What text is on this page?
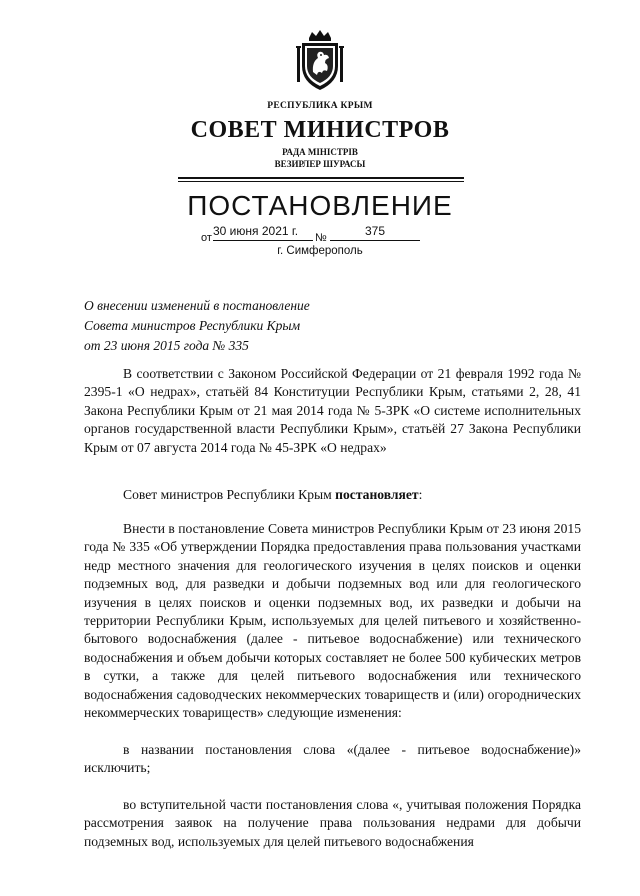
РЕСПУБЛИКА КРЫМ
СОВЕТ МИНИСТРОВ
РАДА МІНІСТРІВ
ВЕЗИРЛЕР ШУРАСЫ
ПОСТАНОВЛЕНИЕ
от 30 июня 2021 г.	№	375
г. Симферополь
О внесении изменений в постановление
Совета министров Республики Крым
от 23 июня 2015 года № 335
В соответствии с Законом Российской Федерации от 21 февраля 1992 года № 2395-1 «О недрах», статьёй 84 Конституции Республики Крым, статьями 2, 28, 41 Закона Республики Крым от 21 мая 2014 года № 5-ЗРК «О системе исполнительных органов государственной власти Республики Крым», статьёй 27 Закона Республики Крым от 07 августа 2014 года № 45-ЗРК «О недрах»
Совет министров Республики Крым постановляет:
Внести в постановление Совета министров Республики Крым от 23 июня 2015 года № 335 «Об утверждении Порядка предоставления права пользования участками недр местного значения для геологического изучения в целях поисков и оценки подземных вод, для разведки и добычи подземных вод или для геологического изучения в целях поисков и оценки подземных вод, их разведки и добычи на территории Республики Крым, используемых для целей питьевого и хозяйственно-бытового водоснабжения (далее - питьевое водоснабжение) или технического водоснабжения и объем добычи которых составляет не более 500 кубических метров в сутки, а также для целей питьевого водоснабжения или технического водоснабжения садоводческих некоммерческих товариществ и (или) огороднических некоммерческих товариществ» следующие изменения:
в названии постановления слова «(далее - питьевое водоснабжение)» исключить;
во вступительной части постановления слова «, учитывая положения Порядка рассмотрения заявок на получение права пользования недрами для добычи подземных вод, используемых для целей питьевого водоснабжения
